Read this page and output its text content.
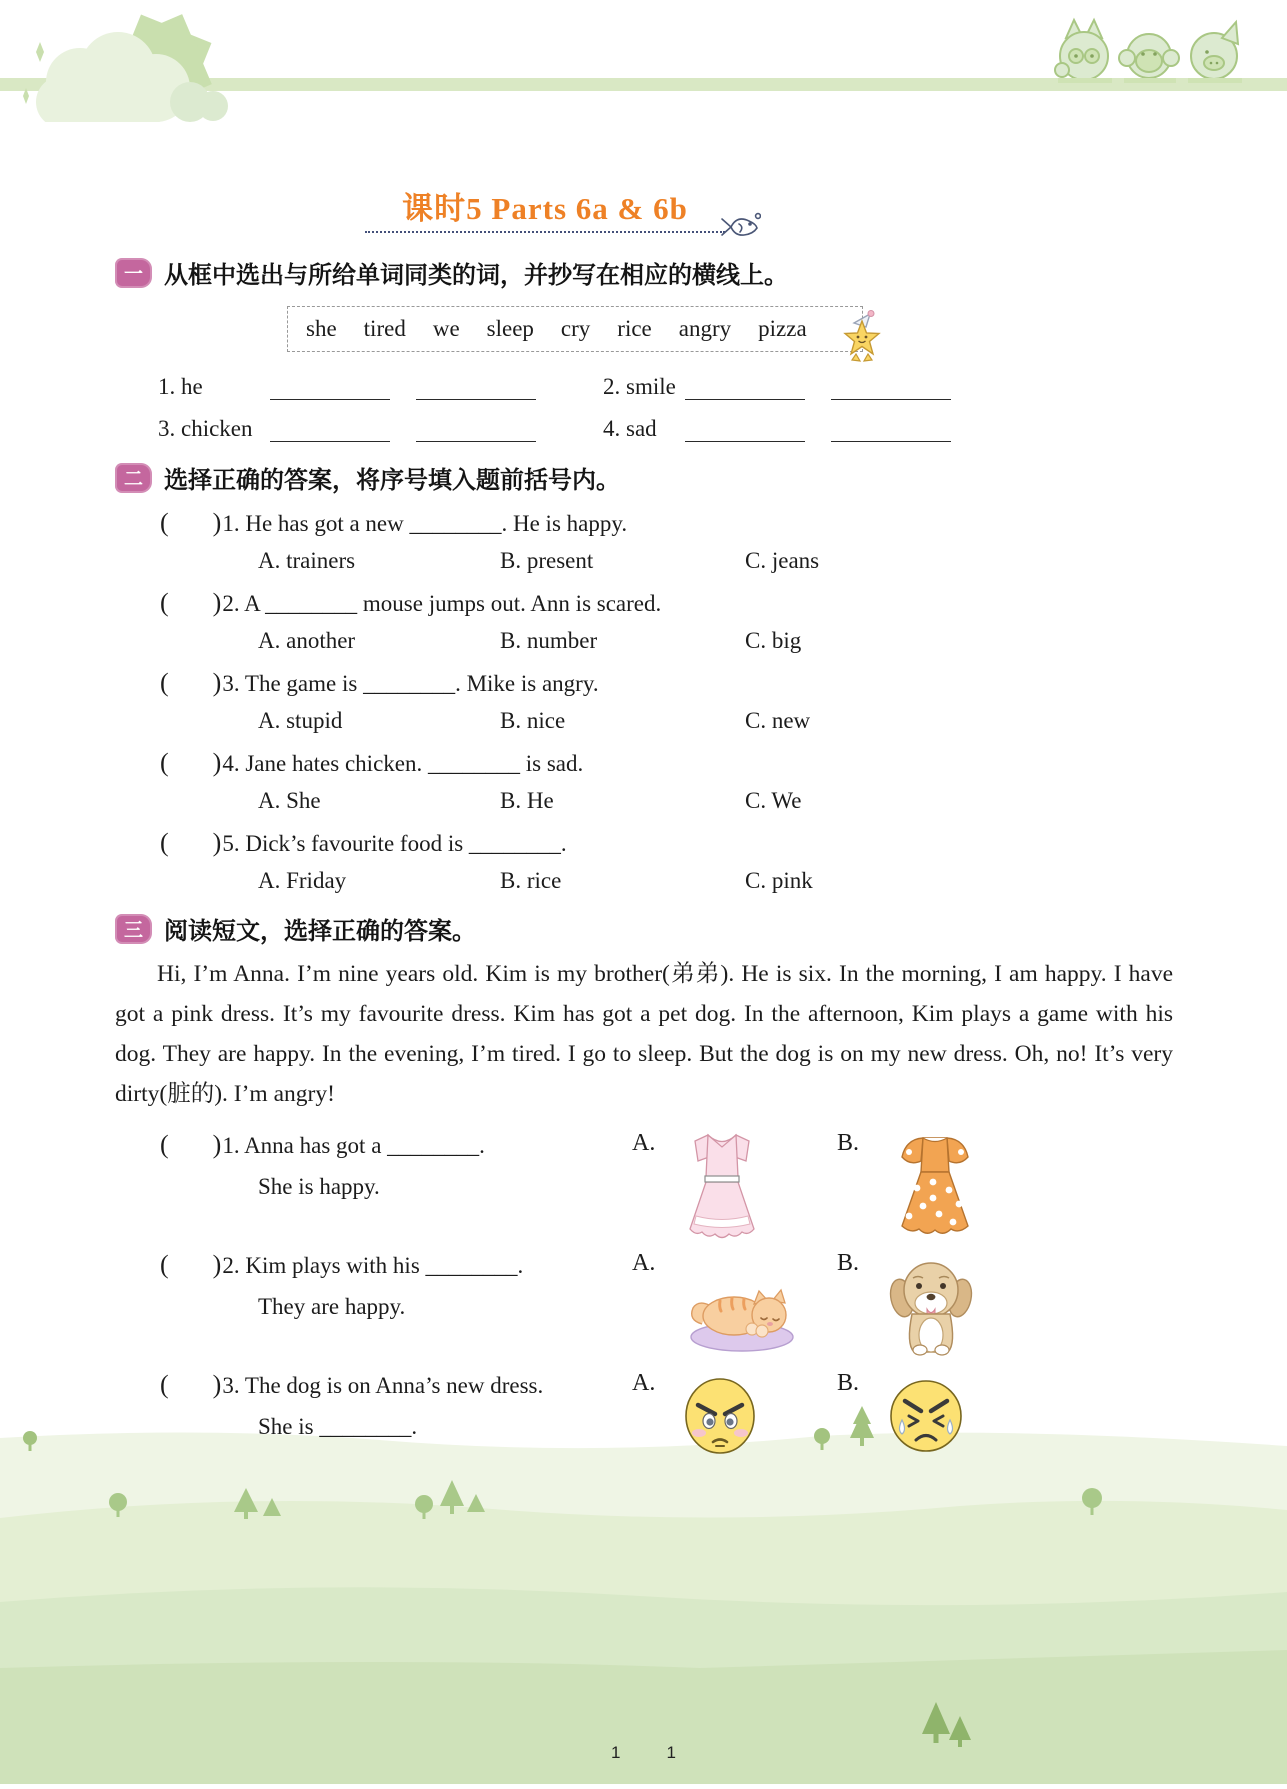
课时5 Parts 6a & 6b
一 从框中选出与所给单词同类的词，并抄写在相应的横线上。
she tired we sleep cry rice angry pizza
1. he	2. smile
3. chicken	4. sad
二 选择正确的答案，将序号填入题前括号内。
( )1. He has got a new ________. He is happy.
A. trainers	B. present	C. jeans
( )2. A ________ mouse jumps out. Ann is scared.
A. another	B. number	C. big
( )3. The game is ________. Mike is angry.
A. stupid	B. nice	C. new
( )4. Jane hates chicken. ________ is sad.
A. She	B. He	C. We
( )5. Dick’s favourite food is ________.
A. Friday	B. rice	C. pink
三 阅读短文，选择正确的答案。

Hi, I’m Anna. I’m nine years old. Kim is my brother(弟弟). He is six. In the morning, I am happy. I have got a pink dress. It’s my favourite dress. Kim has got a pet dog. In the afternoon, Kim plays a game with his dog. They are happy. In the evening, I’m tired. I go to sleep. But the dog is on my new dress. Oh, no! It’s very dirty(脏的). I’m angry!

( )1. Anna has got a ________.
She is happy.
A.	B.
( )2. Kim plays with his ________.
They are happy.
A.	B.
( )3. The dog is on Anna’s new dress.
She is ________.
A.	B.
1	1
